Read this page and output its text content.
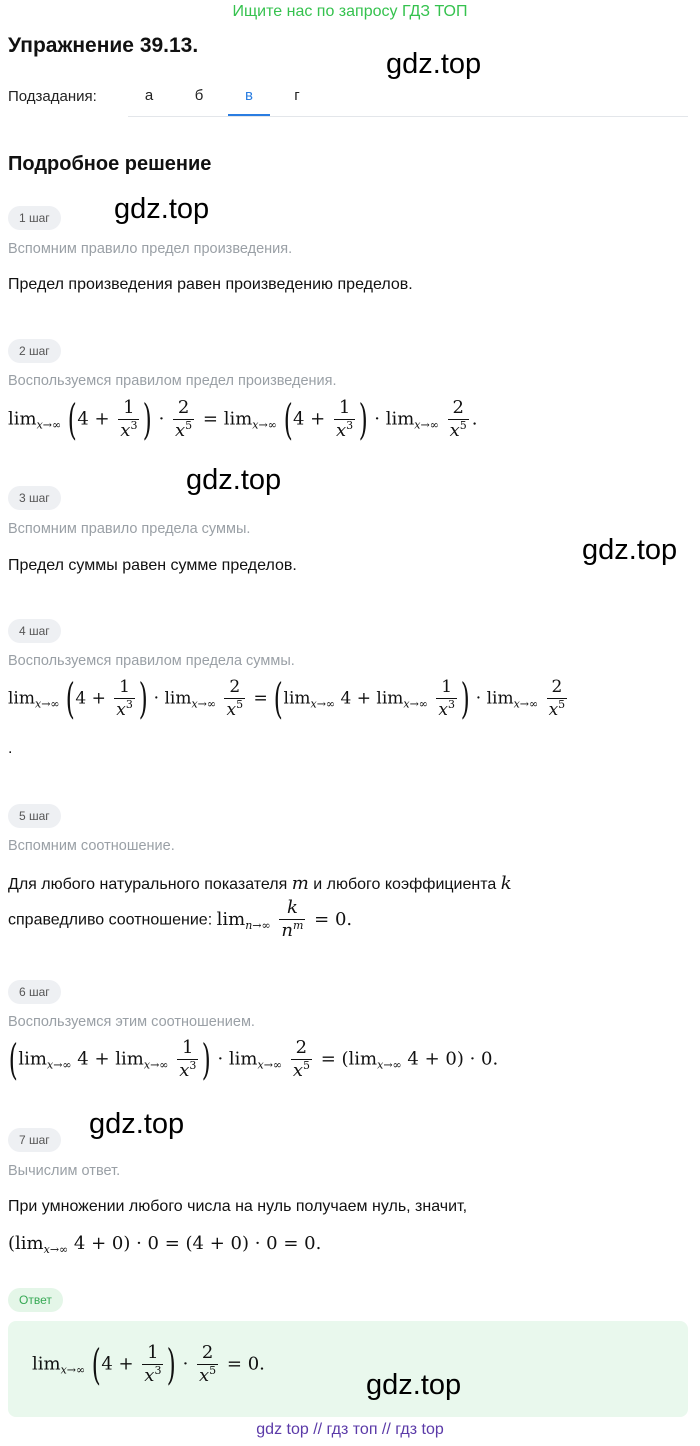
Ищите нас по запросу ГДЗ ТОП
Упражнение 39.13.
gdz.top
Подзадания:	а	б	в	г
Подробное решение
1 шаг	gdz.top
Вспомним правило предел произведения.
Предел произведения равен произведению пределов.
2 шаг
Воспользуемся правилом предел произведения.
$\lim_{x\to\infty} (4 + \frac{1}{x^3}$ ) · $\frac{2}{x^5} = \lim_{x\to\infty} (4 + \frac{1}{x^3}$ ) · $\lim_{x\to\infty} \frac{2}{x^5}$ .
gdz.top
3 шаг
Вспомним правило предела суммы.
gdz.top
Предел суммы равен сумме пределов.
4 шаг
Воспользуемся правилом предела суммы.
$\lim_{x\to\infty} (4 + \frac{1}{x^3}$ ) · $\lim_{x\to\infty} \frac{2}{x^5} = (\lim_{x\to\infty}$ $4 + \lim_{x\to\infty} \frac{1}{x^3}$ ) · $\lim_{x\to\infty} \frac{2}{x^5}$
.
5 шаг
Вспомним соотношение.
Для любого натурального показателя m и любого коэффициента k
справедливо соотношение: $\lim_{n\to\infty} \frac{k}{n^m} = 0$.
6 шаг
Воспользуемся этим соотношением.
($\lim_{x\to\infty}$ $4 + \lim_{x\to\infty} \frac{1}{x^3}$ ) · $\lim_{x\to\infty} \frac{2}{x^5} = (\lim_{x\to\infty}$ 4 + 0) · 0.
7 шаг	gdz.top
Вычислим ответ.
При умножении любого числа на нуль получаем нуль, значит,
($\lim_{x\to\infty}$ 4 + 0) · 0 = (4 + 0) · 0 = 0.
Ответ
$\lim_{x\to\infty} (4 + \frac{1}{x^3}$ ) · $\frac{2}{x^5} = 0$.
gdz.top
gdz top // гдз топ // гдз top
